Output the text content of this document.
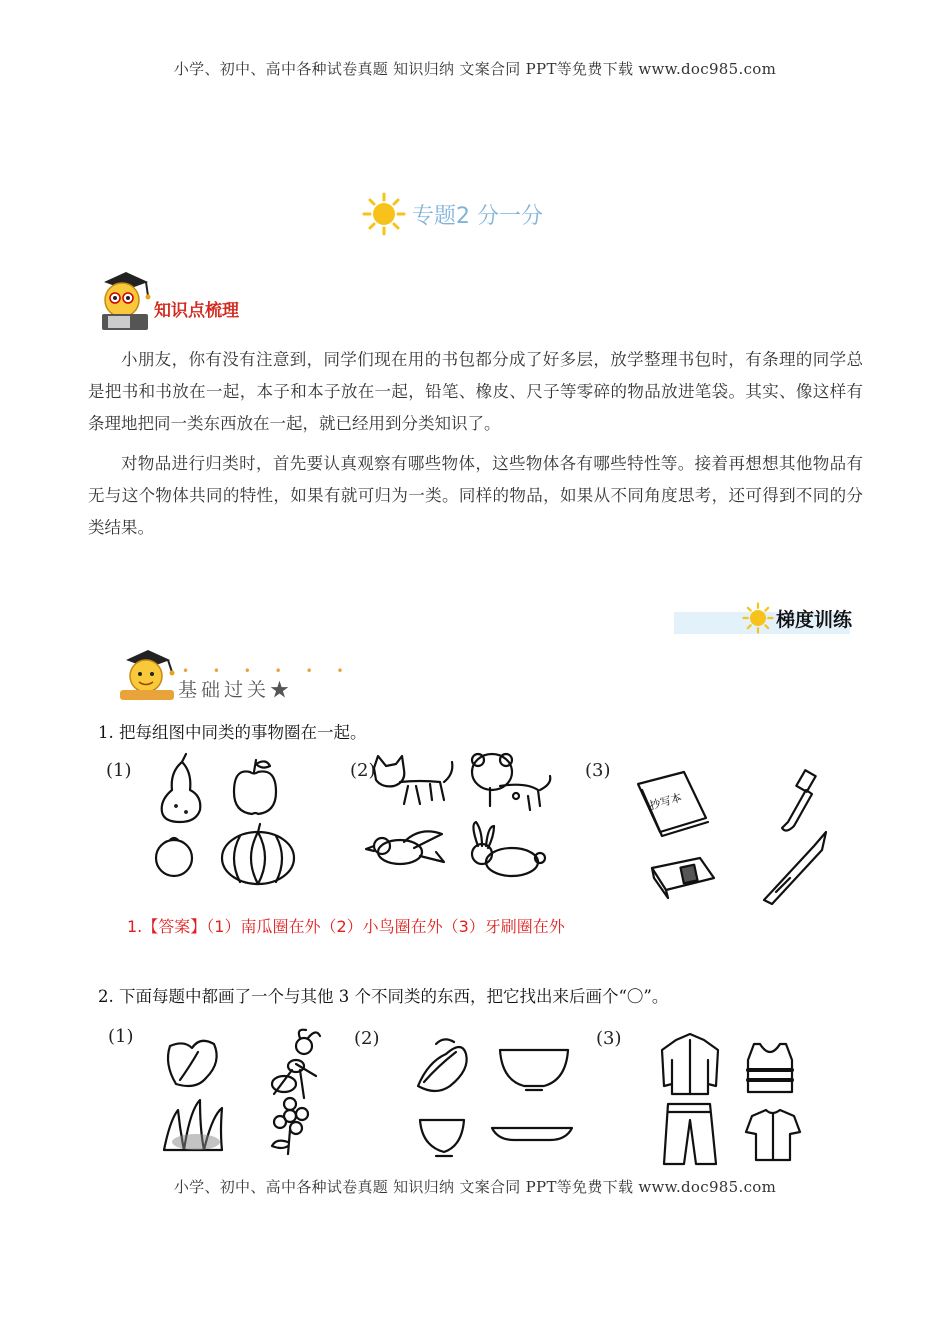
小学、初中、高中各种试卷真题 知识归纳 文案合同 PPT等免费下载 www.doc985.com
专题2 分一分
知识点梳理

小朋友，你有没有注意到，同学们现在用的书包都分成了好多层，放学整理书包时，有条理的同学总是把书和书放在一起，本子和本子放在一起，铅笔、橡皮、尺子等零碎的物品放进笔袋。其实、像这样有条理地把同一类东西放在一起，就已经用到分类知识了。

对物品进行归类时，首先要认真观察有哪些物体，这些物体各有哪些特性等。接着再想想其他物品有无与这个物体共同的特性，如果有就可归为一类。同样的物品，如果从不同角度思考，还可得到不同的分类结果。

梯度训练
• • • • • •
基础过关★
1. 把每组图中同类的事物圈在一起。
(1)	(2)	(3)
抄写本
1.【答案】（1）南瓜圈在外（2）小鸟圈在外（3）牙刷圈在外
2. 下面每题中都画了一个与其他 3 个不同类的东西，把它找出来后画个“〇”。
(1)	(2)	(3)
小学、初中、高中各种试卷真题 知识归纳 文案合同 PPT等免费下载 www.doc985.com
